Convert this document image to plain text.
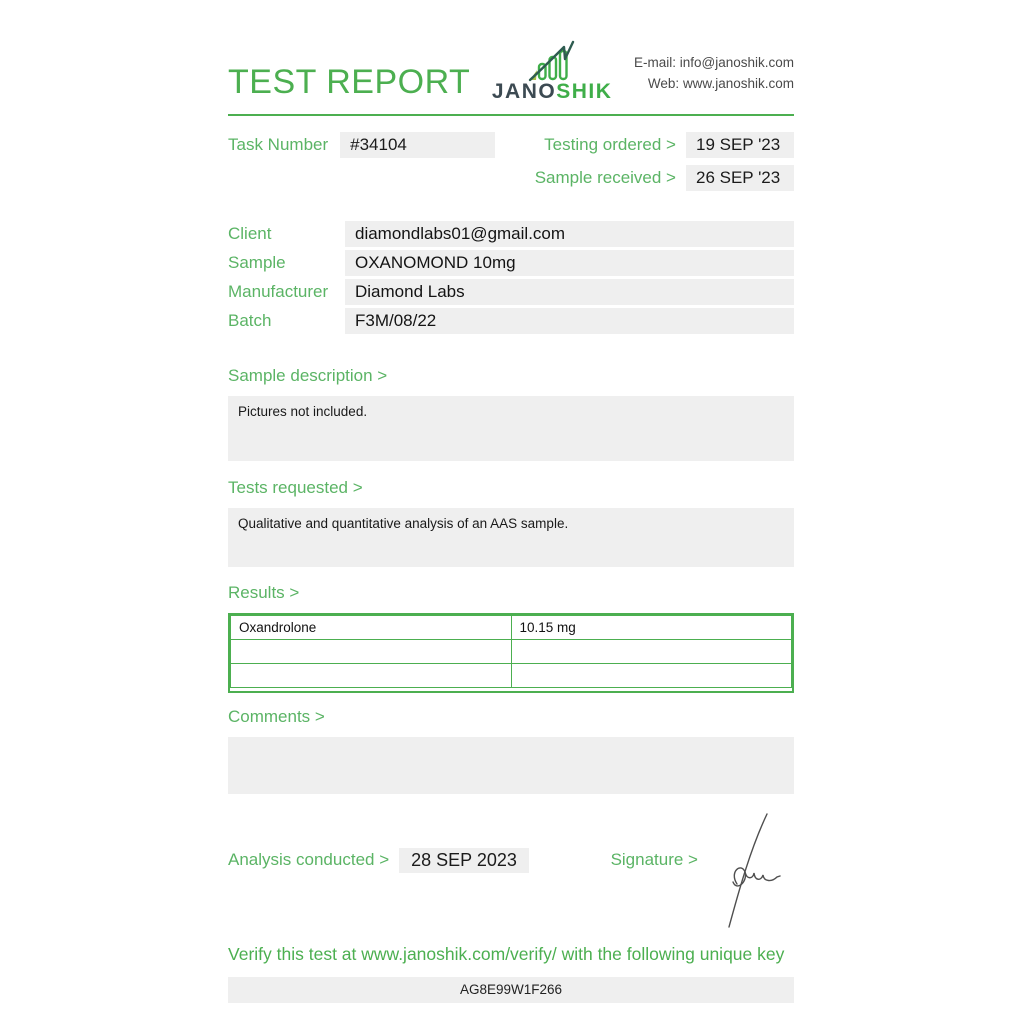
TEST REPORT JANOSHIK
E-mail: info@janoshik.com
Web: www.janoshik.com
Task Number	#34104	Testing ordered >	19 SEP '23
Sample received >	26 SEP '23
Client	diamondlabs01@gmail.com
Sample	OXANOMOND 10mg
Manufacturer	Diamond Labs
Batch	F3M/08/22
Sample description >
Pictures not included.
Tests requested >
Qualitative and quantitative analysis of an AAS sample.
Results >
Oxandrolone	10.15 mg

Comments >
Analysis conducted >	28 SEP 2023	Signature >
Verify this test at www.janoshik.com/verify/ with the following unique key
AG8E99W1F266
